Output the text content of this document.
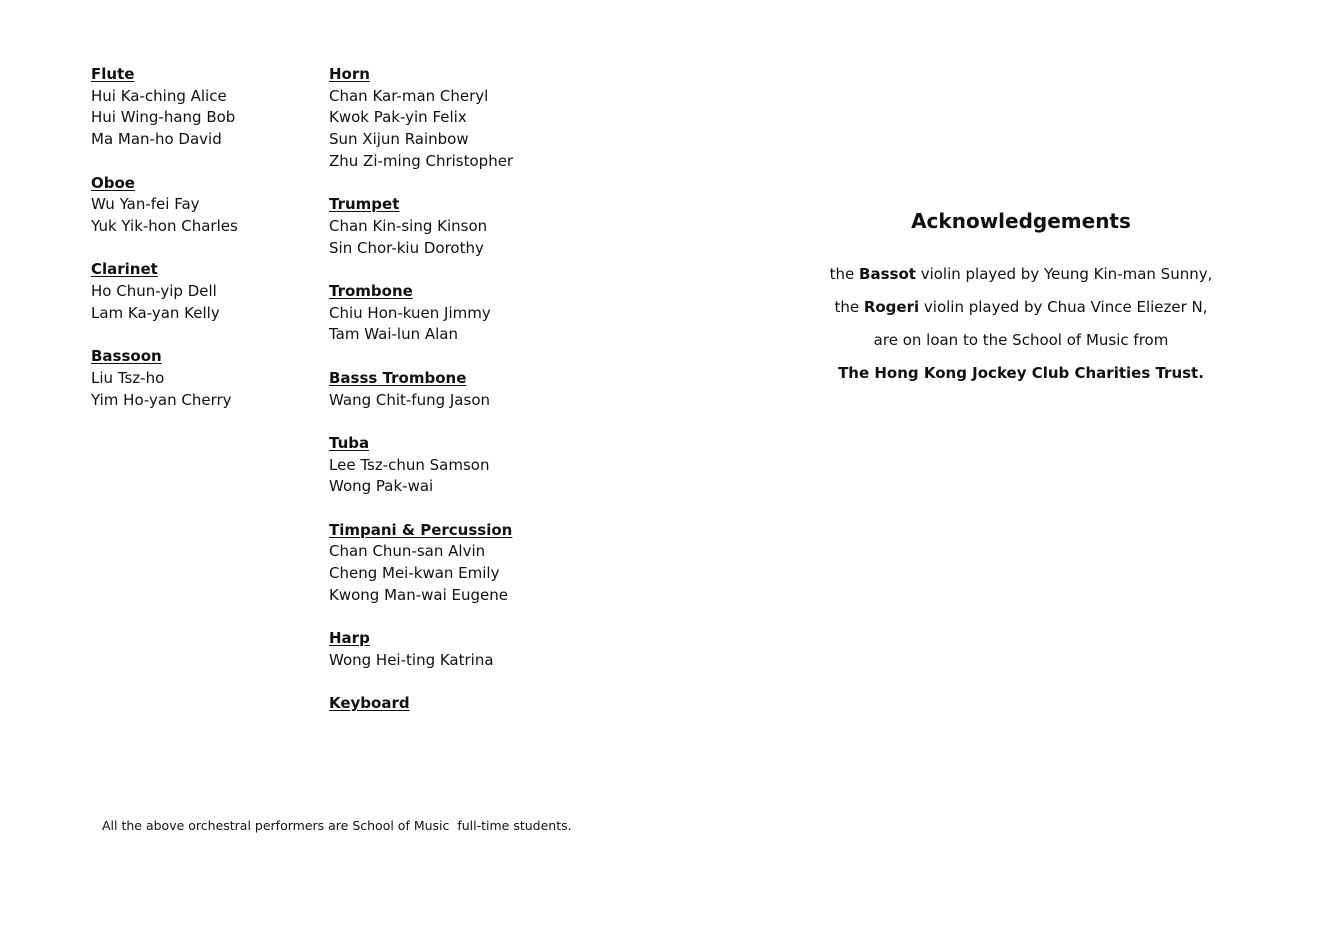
Flute
Hui Ka-ching Alice
Hui Wing-hang Bob
Ma Man-ho David
Oboe
Wu Yan-fei Fay
Yuk Yik-hon Charles
Clarinet
Ho Chun-yip Dell
Lam Ka-yan Kelly
Bassoon
Liu Tsz-ho
Yim Ho-yan Cherry
Horn
Chan Kar-man Cheryl
Kwok Pak-yin Felix
Sun Xijun Rainbow
Zhu Zi-ming Christopher
Trumpet
Chan Kin-sing Kinson
Sin Chor-kiu Dorothy
Trombone
Chiu Hon-kuen Jimmy
Tam Wai-lun Alan
Basss Trombone
Wang Chit-fung Jason
Tuba
Lee Tsz-chun Samson
Wong Pak-wai
Timpani & Percussion
Chan Chun-san Alvin
Cheng Mei-kwan Emily
Kwong Man-wai Eugene
Harp
Wong Hei-ting Katrina
Keyboard
Acknowledgements
the Bassot violin played by Yeung Kin-man Sunny,
the Rogeri violin played by Chua Vince Eliezer N,
are on loan to the School of Music from
The Hong Kong Jockey Club Charities Trust.
All the above orchestral performers are School of Music  full-time students.
